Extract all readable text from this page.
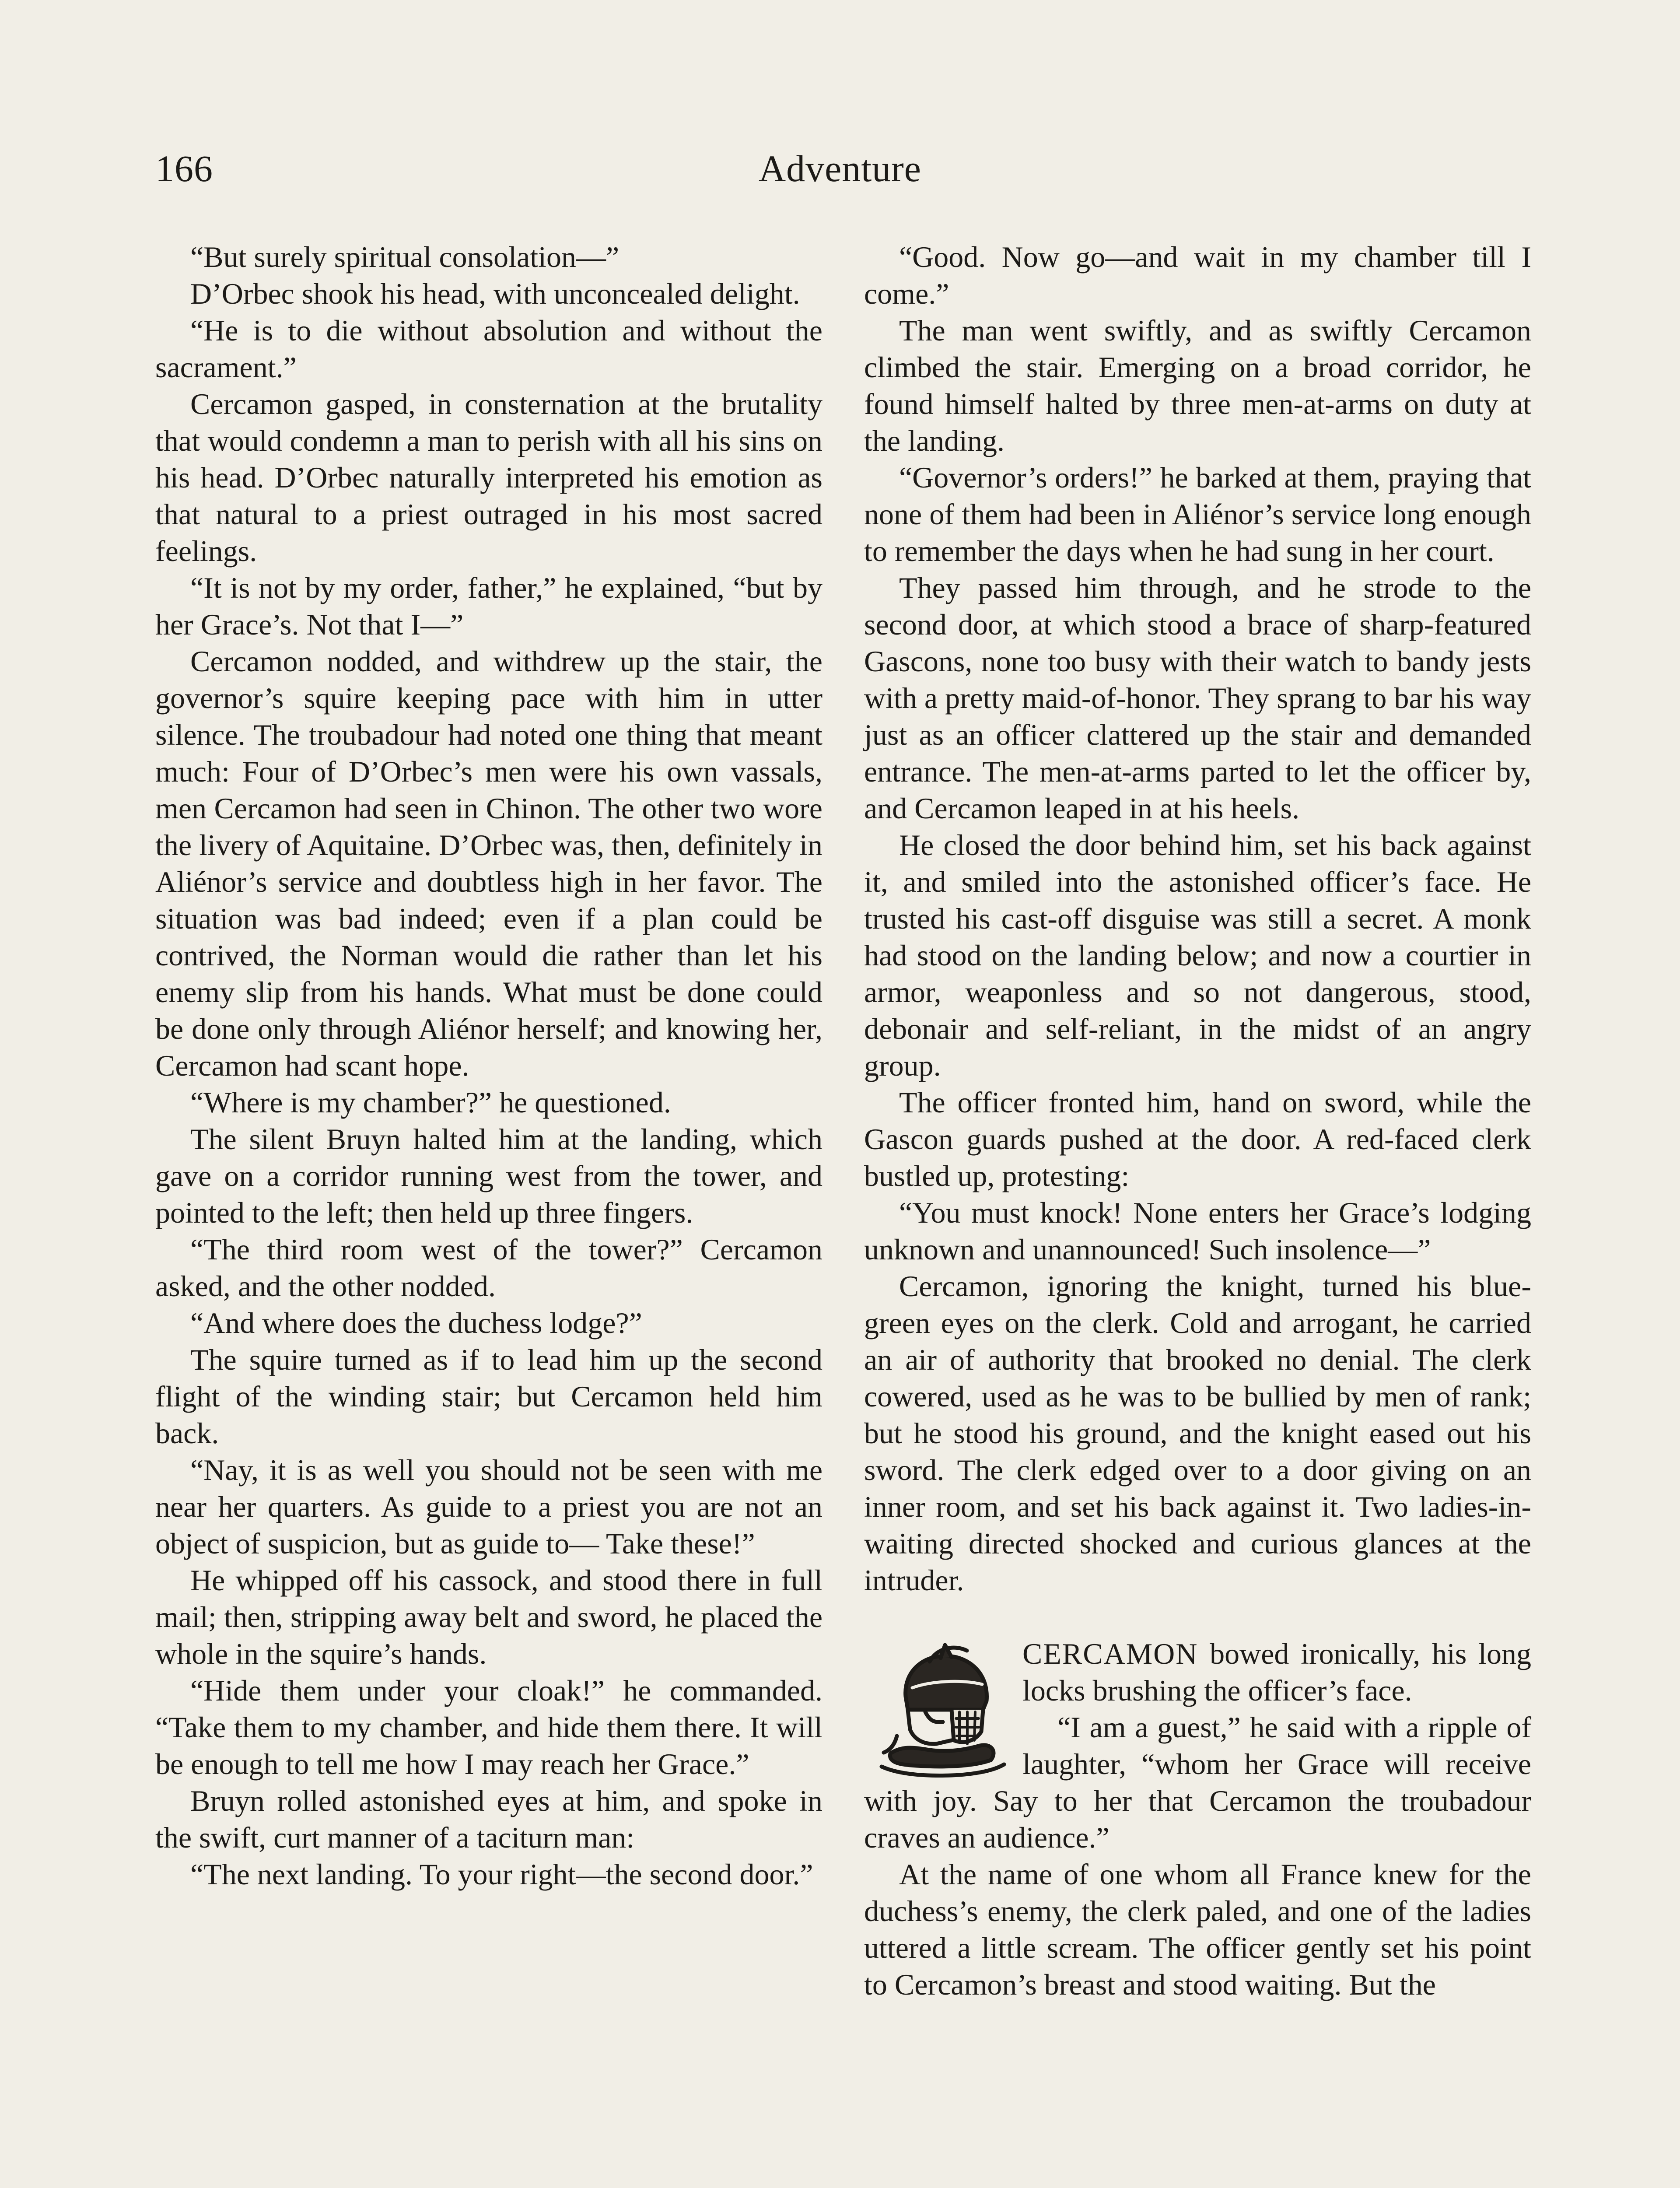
166	Adventure

“But surely spiritual consolation—”

D’Orbec shook his head, with unconcealed delight.

“He is to die without absolution and without the sacrament.”

Cercamon gasped, in consternation at the brutality that would condemn a man to perish with all his sins on his head. D’Orbec naturally interpreted his emotion as that natural to a priest outraged in his most sacred feelings.

“It is not by my order, father,” he explained, “but by her Grace’s. Not that I—”

Cercamon nodded, and withdrew up the stair, the governor’s squire keeping pace with him in utter silence. The troubadour had noted one thing that meant much: Four of D’Orbec’s men were his own vassals, men Cercamon had seen in Chinon. The other two wore the livery of Aquitaine. D’Orbec was, then, definitely in Aliénor’s service and doubtless high in her favor. The situation was bad indeed; even if a plan could be contrived, the Norman would die rather than let his enemy slip from his hands. What must be done could be done only through Aliénor herself; and knowing her, Cercamon had scant hope.

“Where is my chamber?” he questioned.

The silent Bruyn halted him at the landing, which gave on a corridor running west from the tower, and pointed to the left; then held up three fingers.

“The third room west of the tower?” Cercamon asked, and the other nodded.

“And where does the duchess lodge?”

The squire turned as if to lead him up the second flight of the winding stair; but Cercamon held him back.

“Nay, it is as well you should not be seen with me near her quarters. As guide to a priest you are not an object of suspicion, but as guide to— Take these!”

He whipped off his cassock, and stood there in full mail; then, stripping away belt and sword, he placed the whole in the squire’s hands.

“Hide them under your cloak!” he commanded. “Take them to my chamber, and hide them there. It will be enough to tell me how I may reach her Grace.”

Bruyn rolled astonished eyes at him, and spoke in the swift, curt manner of a taciturn man:

“The next landing. To your right—the second door.”

“Good. Now go—and wait in my chamber till I come.”

The man went swiftly, and as swiftly Cercamon climbed the stair. Emerging on a broad corridor, he found himself halted by three men-at-arms on duty at the landing.

“Governor’s orders!” he barked at them, praying that none of them had been in Aliénor’s service long enough to remember the days when he had sung in her court.

They passed him through, and he strode to the second door, at which stood a brace of sharp-featured Gascons, none too busy with their watch to bandy jests with a pretty maid-of-honor. They sprang to bar his way just as an officer clattered up the stair and demanded entrance. The men-at-arms parted to let the officer by, and Cercamon leaped in at his heels.

He closed the door behind him, set his back against it, and smiled into the astonished officer’s face. He trusted his cast-off disguise was still a secret. A monk had stood on the landing below; and now a courtier in armor, weaponless and so not dangerous, stood, debonair and self-reliant, in the midst of an angry group.

The officer fronted him, hand on sword, while the Gascon guards pushed at the door. A red-faced clerk bustled up, protesting:

“You must knock! None enters her Grace’s lodging unknown and unannounced! Such insolence—”

Cercamon, ignoring the knight, turned his blue-green eyes on the clerk. Cold and arrogant, he carried an air of authority that brooked no denial. The clerk cowered, used as he was to be bullied by men of rank; but he stood his ground, and the knight eased out his sword. The clerk edged over to a door giving on an inner room, and set his back against it. Two ladies-in-waiting directed shocked and curious glances at the intruder.

CERCAMON bowed ironically, his long locks brushing the officer’s face.

“I am a guest,” he said with a ripple of laughter, “whom her Grace will receive with joy. Say to her that Cercamon the troubadour craves an audience.”

At the name of one whom all France knew for the duchess’s enemy, the clerk paled, and one of the ladies uttered a little scream. The officer gently set his point to Cercamon’s breast and stood waiting. But the
